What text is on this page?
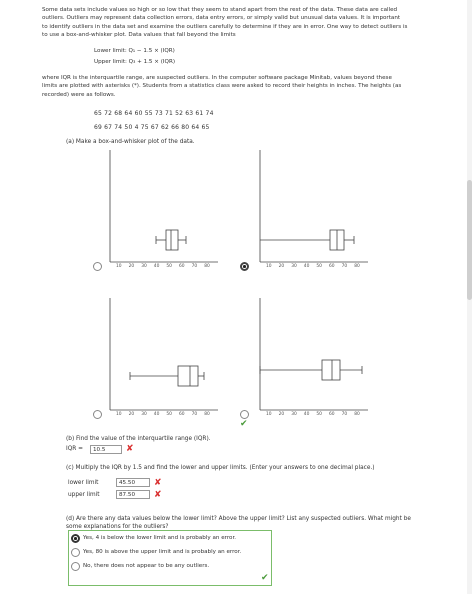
Some data sets include values so high or so low that they seem to stand apart from the rest of the data. These data are called

outliers. Outliers may represent data collection errors, data entry errors, or simply valid but unusual data values. It is important

to identify outliers in the data set and examine the outliers carefully to determine if they are in error. One way to detect outliers is

to use a box-and-whisker plot. Data values that fall beyond the limits

Lower limit: Q₁ − 1.5 × (IQR)
Upper limit: Q₃ + 1.5 × (IQR)
where IQR is the interquartile range, are suspected outliers. In the computer software package Minitab, values beyond these
limits are plotted with asterisks (*). Students from a statistics class were asked to record their heights in inches. The heights (as
recorded) were as follows.
65 72 68 64 60 55 73 71 52 63 61 74
69 67 74 50 4 75 67 62 66 80 64 65
(a) Make a box-and-whisker plot of the data.
✔
10 20 30 40 50 60 70 80	10 20 30 40 50 60 70 80
10 20 30 40 50 60 70 80	10 20 30 40 50 60 70 80
(b) Find the value of the interquartile range (IQR).
IQR =	10.5	✘
(c) Multiply the IQR by 1.5 and find the lower and upper limits. (Enter your answers to one decimal place.)
lower limit	45.50	✘
upper limit	87.50	✘
(d) Are there any data values below the lower limit? Above the upper limit? List any suspected outliers. What might be
some explanations for the outliers?
Yes, 4 is below the lower limit and is probably an error.
Yes, 80 is above the upper limit and is probably an error.
No, there does not appear to be any outliers.
✔
